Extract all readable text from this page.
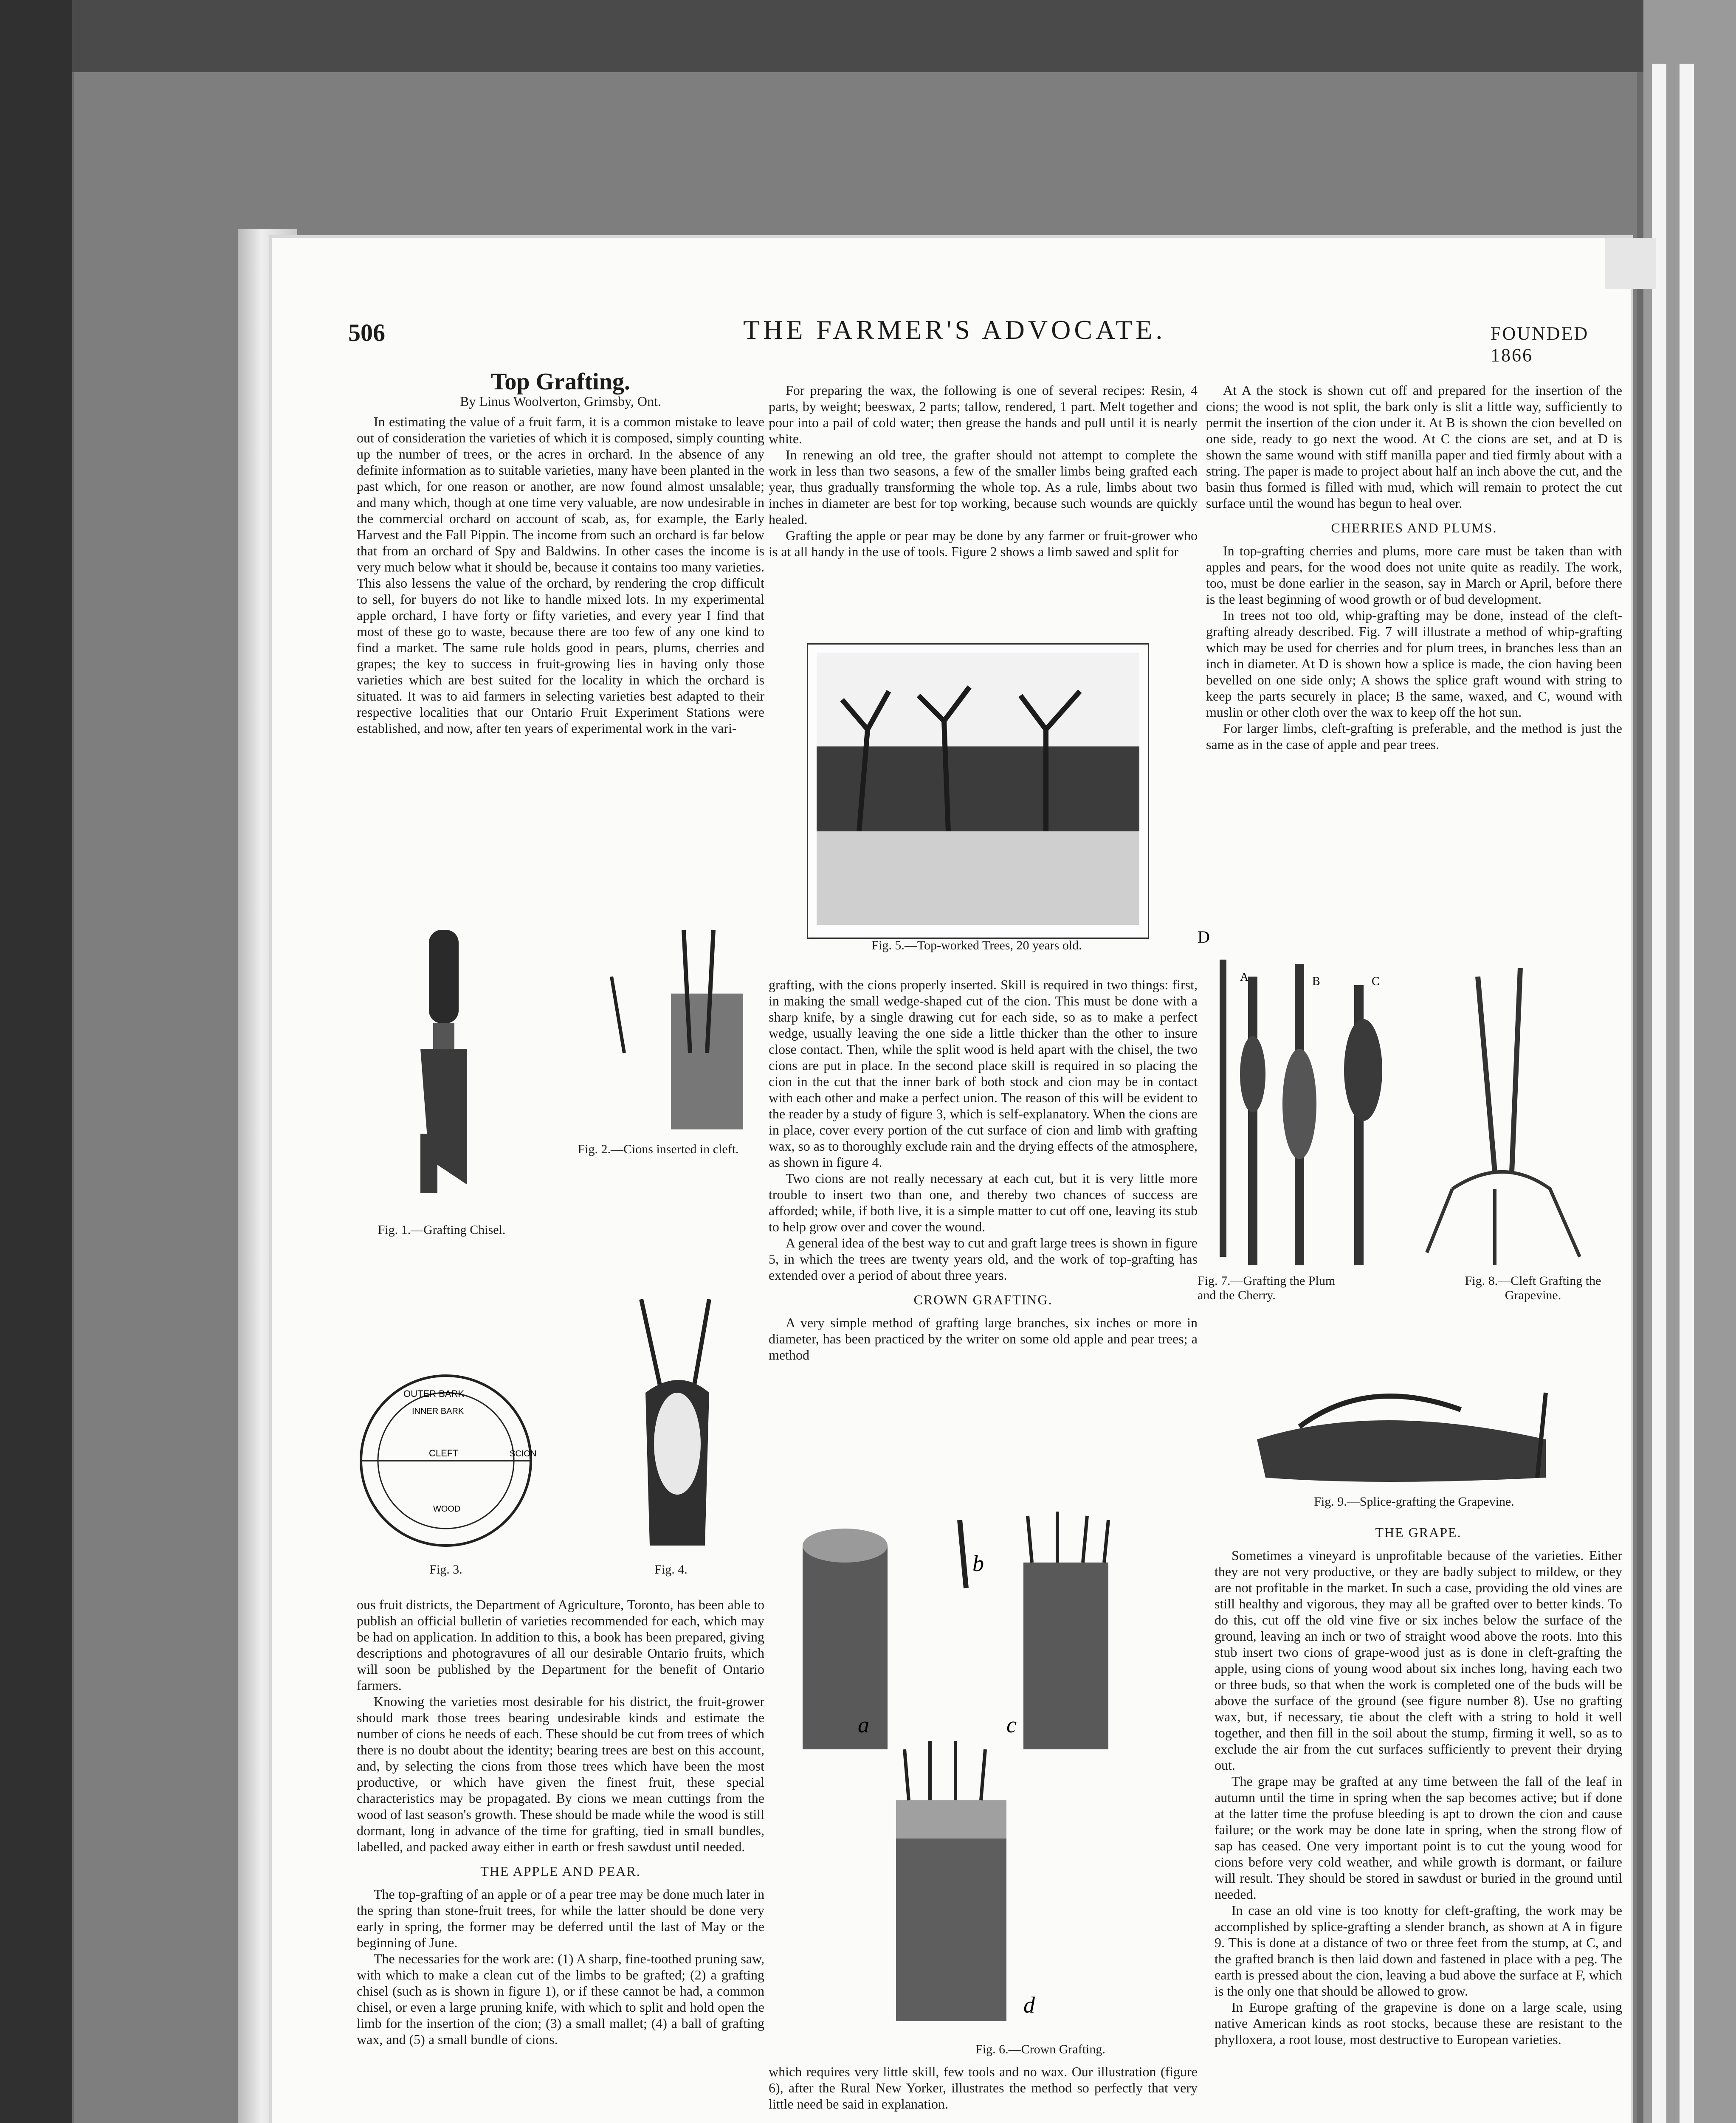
506	THE FARMER'S ADVOCATE.	FOUNDED 1866
Top Grafting.
By Linus Woolverton, Grimsby, Ont.

In estimating the value of a fruit farm, it is a common mistake to leave out of consideration the varieties of which it is composed, simply counting up the number of trees, or the acres in orchard. In the absence of any definite information as to suitable varieties, many have been planted in the past which, for one reason or another, are now found almost unsalable; and many which, though at one time very valuable, are now undesirable in the commercial orchard on account of scab, as, for example, the Early Harvest and the Fall Pippin. The income from such an orchard is far below that from an orchard of Spy and Baldwins. In other cases the income is very much below what it should be, because it contains too many varieties. This also lessens the value of the orchard, by rendering the crop difficult to sell, for buyers do not like to handle mixed lots. In my experimental apple orchard, I have forty or fifty varieties, and every year I find that most of these go to waste, because there are too few of any one kind to find a market. The same rule holds good in pears, plums, cherries and grapes; the key to success in fruit-growing lies in having only those varieties which are best suited for the locality in which the orchard is situated. It was to aid farmers in selecting varieties best adapted to their respective localities that our Ontario Fruit Experiment Stations were established, and now, after ten years of experimental work in the vari-

Fig. 1.—Grafting Chisel.
Fig. 2.—Cions inserted in cleft.
OUTER BARK
INNER BARK
CLEFT	SCION
WOOD
Fig. 3.	Fig. 4.

ous fruit districts, the Department of Agriculture, Toronto, has been able to publish an official bulletin of varieties recommended for each, which may be had on application. In addition to this, a book has been prepared, giving descriptions and photogravures of all our desirable Ontario fruits, which will soon be published by the Department for the benefit of Ontario farmers.

Knowing the varieties most desirable for his district, the fruit-grower should mark those trees bearing undesirable kinds and estimate the number of cions he needs of each. These should be cut from trees of which there is no doubt about the identity; bearing trees are best on this account, and, by selecting the cions from those trees which have been the most productive, or which have given the finest fruit, these special characteristics may be propagated. By cions we mean cuttings from the wood of last season's growth. These should be made while the wood is still dormant, long in advance of the time for grafting, tied in small bundles, labelled, and packed away either in earth or fresh sawdust until needed.

THE APPLE AND PEAR.

The top-grafting of an apple or of a pear tree may be done much later in the spring than stone-fruit trees, for while the latter should be done very early in spring, the former may be deferred until the last of May or the beginning of June.

The necessaries for the work are: (1) A sharp, fine-toothed pruning saw, with which to make a clean cut of the limbs to be grafted; (2) a grafting chisel (such as is shown in figure 1), or if these cannot be had, a common chisel, or even a large pruning knife, with which to split and hold open the limb for the insertion of the cion; (3) a small mallet; (4) a ball of grafting wax, and (5) a small bundle of cions.

For preparing the wax, the following is one of several recipes: Resin, 4 parts, by weight; beeswax, 2 parts; tallow, rendered, 1 part. Melt together and pour into a pail of cold water; then grease the hands and pull until it is nearly white.

In renewing an old tree, the grafter should not attempt to complete the work in less than two seasons, a few of the smaller limbs being grafted each year, thus gradually transforming the whole top. As a rule, limbs about two inches in diameter are best for top working, because such wounds are quickly healed.

Grafting the apple or pear may be done by any farmer or fruit-grower who is at all handy in the use of tools. Figure 2 shows a limb sawed and split for

Fig. 5.—Top-worked Trees, 20 years old.

grafting, with the cions properly inserted. Skill is required in two things: first, in making the small wedge-shaped cut of the cion. This must be done with a sharp knife, by a single drawing cut for each side, so as to make a perfect wedge, usually leaving the one side a little thicker than the other to insure close contact. Then, while the split wood is held apart with the chisel, the two cions are put in place. In the second place skill is required in so placing the cion in the cut that the inner bark of both stock and cion may be in contact with each other and make a perfect union. The reason of this will be evident to the reader by a study of figure 3, which is self-explanatory. When the cions are in place, cover every portion of the cut surface of cion and limb with grafting wax, so as to thoroughly exclude rain and the drying effects of the atmosphere, as shown in figure 4.

Two cions are not really necessary at each cut, but it is very little more trouble to insert two than one, and thereby two chances of success are afforded; while, if both live, it is a simple matter to cut off one, leaving its stub to help grow over and cover the wound.

A general idea of the best way to cut and graft large trees is shown in figure 5, in which the trees are twenty years old, and the work of top-grafting has extended over a period of about three years.

CROWN GRAFTING.

A very simple method of grafting large branches, six inches or more in diameter, has been practiced by the writer on some old apple and pear trees; a method

a
b
c
d
Fig. 6.—Crown Grafting.

which requires very little skill, few tools and no wax. Our illustration (figure 6), after the Rural New Yorker, illustrates the method so perfectly that very little need be said in explanation.

At A the stock is shown cut off and prepared for the insertion of the cions; the wood is not split, the bark only is slit a little way, sufficiently to permit the insertion of the cion under it. At B is shown the cion bevelled on one side, ready to go next the wood. At C the cions are set, and at D is shown the same wound with stiff manilla paper and tied firmly about with a string. The paper is made to project about half an inch above the cut, and the basin thus formed is filled with mud, which will remain to protect the cut surface until the wound has begun to heal over.

CHERRIES AND PLUMS.

In top-grafting cherries and plums, more care must be taken than with apples and pears, for the wood does not unite quite as readily. The work, too, must be done earlier in the season, say in March or April, before there is the least beginning of wood growth or of bud development.

In trees not too old, whip-grafting may be done, instead of the cleft-grafting already described. Fig. 7 will illustrate a method of whip-grafting which may be used for cherries and for plum trees, in branches less than an inch in diameter. At D is shown how a splice is made, the cion having been bevelled on one side only; A shows the splice graft wound with string to keep the parts securely in place; B the same, waxed, and C, wound with muslin or other cloth over the wax to keep off the hot sun.

For larger limbs, cleft-grafting is preferable, and the method is just the same as in the case of apple and pear trees.

D
A	B	C
Fig. 7.—Grafting the Plum and the Cherry.
Fig. 8.—Cleft Grafting the Grapevine.
Fig. 9.—Splice-grafting the Grapevine.
THE GRAPE.

Sometimes a vineyard is unprofitable because of the varieties. Either they are not very productive, or they are badly subject to mildew, or they are not profitable in the market. In such a case, providing the old vines are still healthy and vigorous, they may all be grafted over to better kinds. To do this, cut off the old vine five or six inches below the surface of the ground, leaving an inch or two of straight wood above the roots. Into this stub insert two cions of grape-wood just as is done in cleft-grafting the apple, using cions of young wood about six inches long, having each two or three buds, so that when the work is completed one of the buds will be above the surface of the ground (see figure number 8). Use no grafting wax, but, if necessary, tie about the cleft with a string to hold it well together, and then fill in the soil about the stump, firming it well, so as to exclude the air from the cut surfaces sufficiently to prevent their drying out.

The grape may be grafted at any time between the fall of the leaf in autumn until the time in spring when the sap becomes active; but if done at the latter time the profuse bleeding is apt to drown the cion and cause failure; or the work may be done late in spring, when the strong flow of sap has ceased. One very important point is to cut the young wood for cions before very cold weather, and while growth is dormant, or failure will result. They should be stored in sawdust or buried in the ground until needed.

In case an old vine is too knotty for cleft-grafting, the work may be accomplished by splice-grafting a slender branch, as shown at A in figure 9. This is done at a distance of two or three feet from the stump, at C, and the grafted branch is then laid down and fastened in place with a peg. The earth is pressed about the cion, leaving a bud above the surface at F, which is the only one that should be allowed to grow.

In Europe grafting of the grapevine is done on a large scale, using native American kinds as root stocks, because these are resistant to the phylloxera, a root louse, most destructive to European varieties.
